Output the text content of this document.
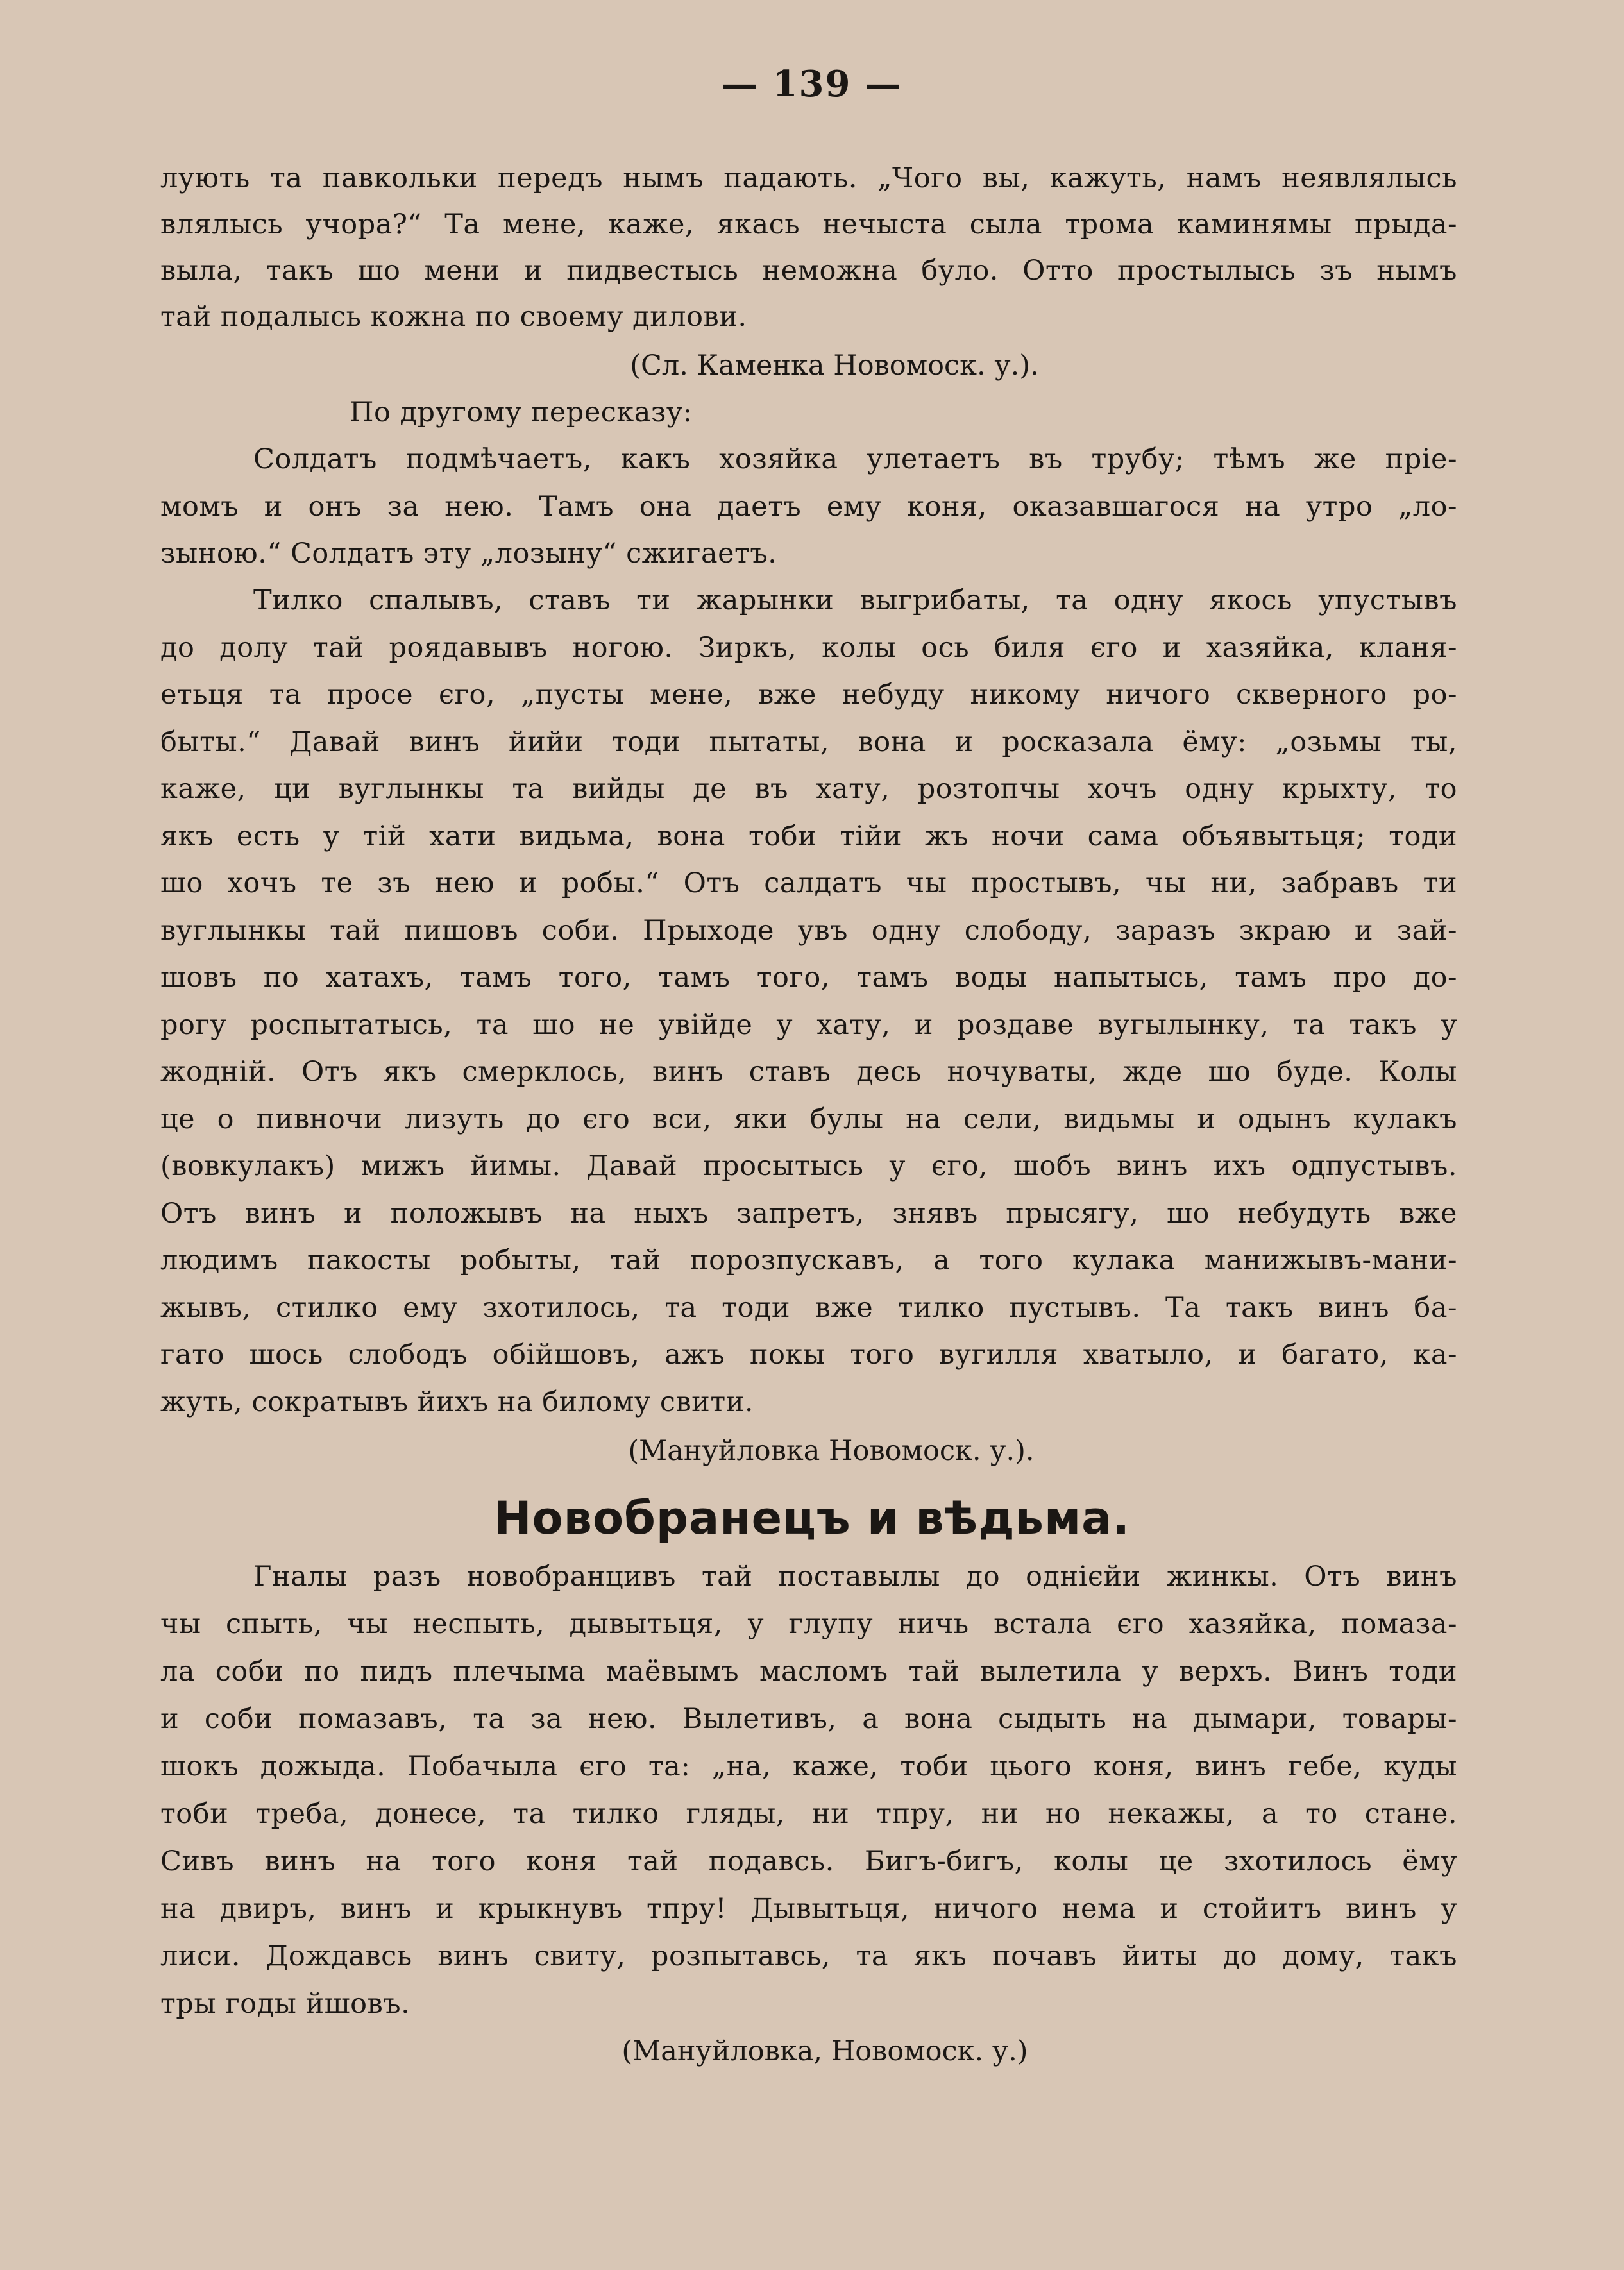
— 139 —
лують та павкольки передъ нымъ падають. „Чого вы, кажуть, намъ неявлялысь
влялысь учора?“ Та мене, каже, якась нечыста сыла трома каминямы прыда-
выла, такъ шо мени и пидвестысь неможна було. Отто простылысь зъ нымъ
тай подалысь кожна по своему дилови.
(Сл. Каменка Новомоск. у.).
По другому пересказу:
Солдатъ подмѣчаетъ, какъ хозяйка улетаетъ въ трубу; тѣмъ же прiе-
момъ и онъ за нею. Тамъ она даетъ ему коня, оказавшагося на утро „ло-
зыною.“ Солдатъ эту „лозыну“ сжигаетъ.
Тилко спалывъ, ставъ ти жарынки выгрибаты, та одну якось упустывъ
до долу тай роядавывъ ногою. Зиркъ, колы ось биля єго и хазяйка, кланя-
етьця та просе єго, „пусты мене, вже небуду никому ничого скверного ро-
быты.“ Давай винъ йийи тоди пытаты, вона и росказала ёму: „озьмы ты,
каже, ци вуглынкы та вийды де въ хату, розтопчы хочъ одну крыхту, то
якъ есть у тій хати видьма, вона тоби тійи жъ ночи сама объявытьця; тоди
шо хочъ те зъ нею и робы.“ Отъ салдатъ чы простывъ, чы ни, забравъ ти
вуглынкы тай пишовъ соби. Прыходе увъ одну слободу, заразъ зкраю и зай-
шовъ по хатахъ, тамъ того, тамъ того, тамъ воды напытысь, тамъ про до-
рогу роспытатысь, та шо не увійде у хату, и роздаве вугылынку, та такъ у
жодній. Отъ якъ смерклось, винъ ставъ десь ночуваты, жде шо буде. Колы
це о пивночи лизуть до єго вси, яки булы на сели, видьмы и одынъ кулакъ
(вовкулакъ) мижъ йимы. Давай просытысь у єго, шобъ винъ ихъ одпустывъ.
Отъ винъ и положывъ на ныхъ запретъ, знявъ прысягу, шо небудуть вже
людимъ пакосты робыты, тай порозпускавъ, а того кулака манижывъ-мани-
жывъ, стилко ему зхотилось, та тоди вже тилко пустывъ. Та такъ винъ ба-
гато шось слободъ обійшовъ, ажъ покы того вугилля хватыло, и багато, ка-
жуть, сократывъ йихъ на билому свити.
(Мануйловка Новомоск. у.).
Новобранецъ и вѣдьма.
Гналы разъ новобранцивъ тай поставылы до однієйи жинкы. Отъ винъ
чы спыть, чы неспыть, дывытьця, у глупу ничь встала єго хазяйка, помаза-
ла соби по пидъ плечыма маёвымъ масломъ тай вылетила у верхъ. Винъ тоди
и соби помазавъ, та за нею. Вылетивъ, а вона сыдыть на дымари, товары-
шокъ дожыда. Побачыла єго та: „на, каже, тоби цього коня, винъ гебе, куды
тоби треба, донесе, та тилко гляды, ни тпру, ни но некажы, а то стане.
Сивъ винъ на того коня тай подавсь. Бигъ-бигъ, колы це зхотилось ёму
на двиръ, винъ и крыкнувъ тпру! Дывытьця, ничого нема и стойитъ винъ у
лиси. Дождавсь винъ свиту, розпытавсь, та якъ почавъ йиты до дому, такъ
тры годы йшовъ.
(Мануйловка, Новомоск. у.)
